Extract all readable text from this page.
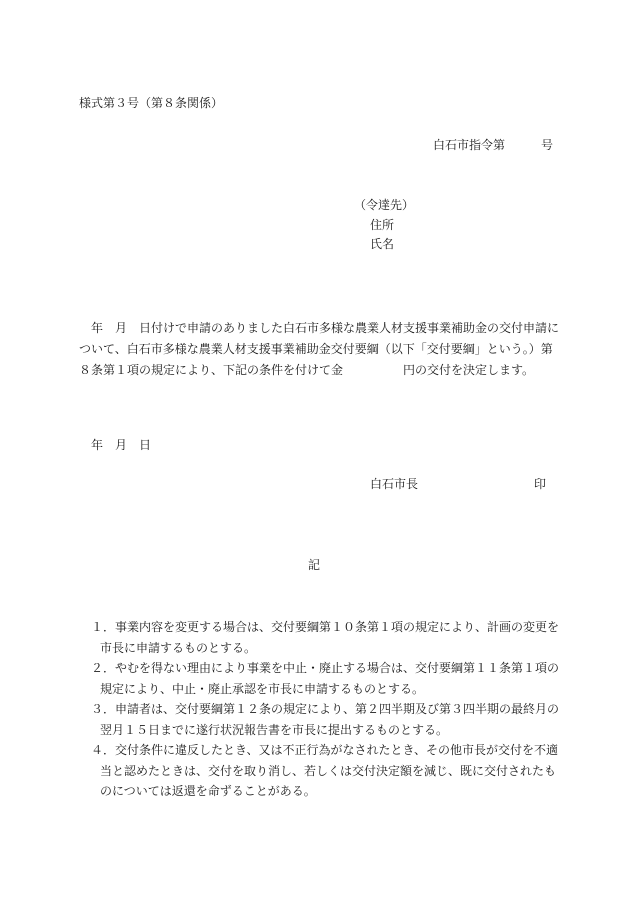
様式第３号（第８条関係）
白石市指令第　　　号
（令達先）
住所
氏名
　年　月　日付けで申請のありました白石市多様な農業人材支援事業補助金の交付申請に
ついて、白石市多様な農業人材支援事業補助金交付要綱（以下「交付要綱」という。）第
８条第１項の規定により、下記の条件を付けて金　　　　　円の交付を決定します。
年　月　日
白石市長	印
記
１．事業内容を変更する場合は、交付要綱第１０条第１項の規定により、計画の変更を
市長に申請するものとする。
２．やむを得ない理由により事業を中止・廃止する場合は、交付要綱第１１条第１項の
規定により、中止・廃止承認を市長に申請するものとする。
３．申請者は、交付要綱第１２条の規定により、第２四半期及び第３四半期の最終月の
翌月１５日までに遂行状況報告書を市長に提出するものとする。
４．交付条件に違反したとき、又は不正行為がなされたとき、その他市長が交付を不適
当と認めたときは、交付を取り消し、若しくは交付決定額を減じ、既に交付されたも
のについては返還を命ずることがある。
